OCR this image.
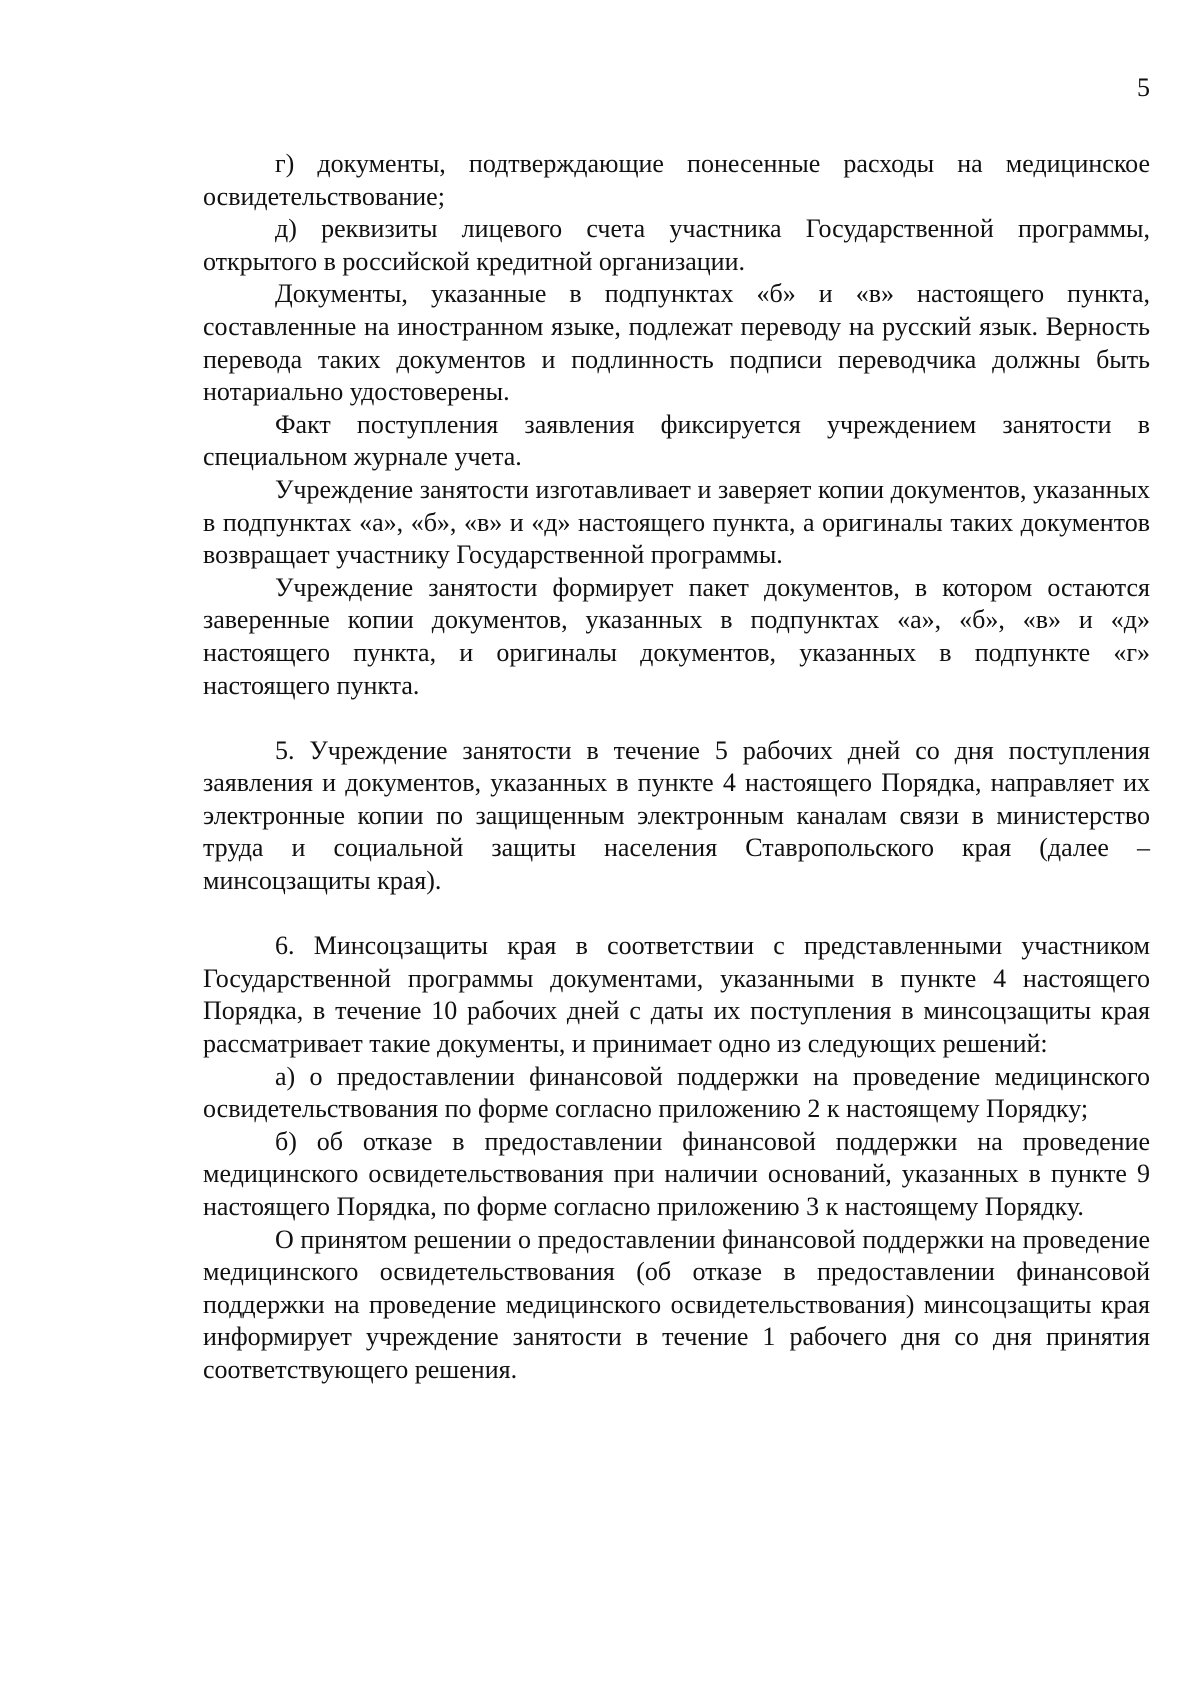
5

г) документы, подтверждающие понесенные расходы на медицинское освидетельствование;

д) реквизиты лицевого счета участника Государственной программы, открытого в российской кредитной организации.

Документы, указанные в подпунктах «б» и «в» настоящего пункта, составленные на иностранном языке, подлежат переводу на русский язык. Верность перевода таких документов и подлинность подписи переводчика должны быть нотариально удостоверены.

Факт поступления заявления фиксируется учреждением занятости в специальном журнале учета.

Учреждение занятости изготавливает и заверяет копии документов, указанных в подпунктах «а», «б», «в» и «д» настоящего пункта, а оригиналы таких документов возвращает участнику Государственной программы.

Учреждение занятости формирует пакет документов, в котором остаются заверенные копии документов, указанных в подпунктах «а», «б», «в» и «д» настоящего пункта, и оригиналы документов, указанных в подпункте «г» настоящего пункта.

5. Учреждение занятости в течение 5 рабочих дней со дня поступления заявления и документов, указанных в пункте 4 настоящего Порядка, направляет их электронные копии по защищенным электронным каналам связи в министерство труда и социальной защиты населения Ставропольского края (далее – минсоцзащиты края).

6. Минсоцзащиты края в соответствии с представленными участником Государственной программы документами, указанными в пункте 4 настоящего Порядка, в течение 10 рабочих дней с даты их поступления в минсоцзащиты края рассматривает такие документы, и принимает одно из следующих решений:

а) о предоставлении финансовой поддержки на проведение медицинского освидетельствования по форме согласно приложению 2 к настоящему Порядку;

б) об отказе в предоставлении финансовой поддержки на проведение медицинского освидетельствования при наличии оснований, указанных в пункте 9 настоящего Порядка, по форме согласно приложению 3 к настоящему Порядку.

О принятом решении о предоставлении финансовой поддержки на проведение медицинского освидетельствования (об отказе в предоставлении финансовой поддержки на проведение медицинского освидетельствования) минсоцзащиты края информирует учреждение занятости в течение 1 рабочего дня со дня принятия соответствующего решения.
